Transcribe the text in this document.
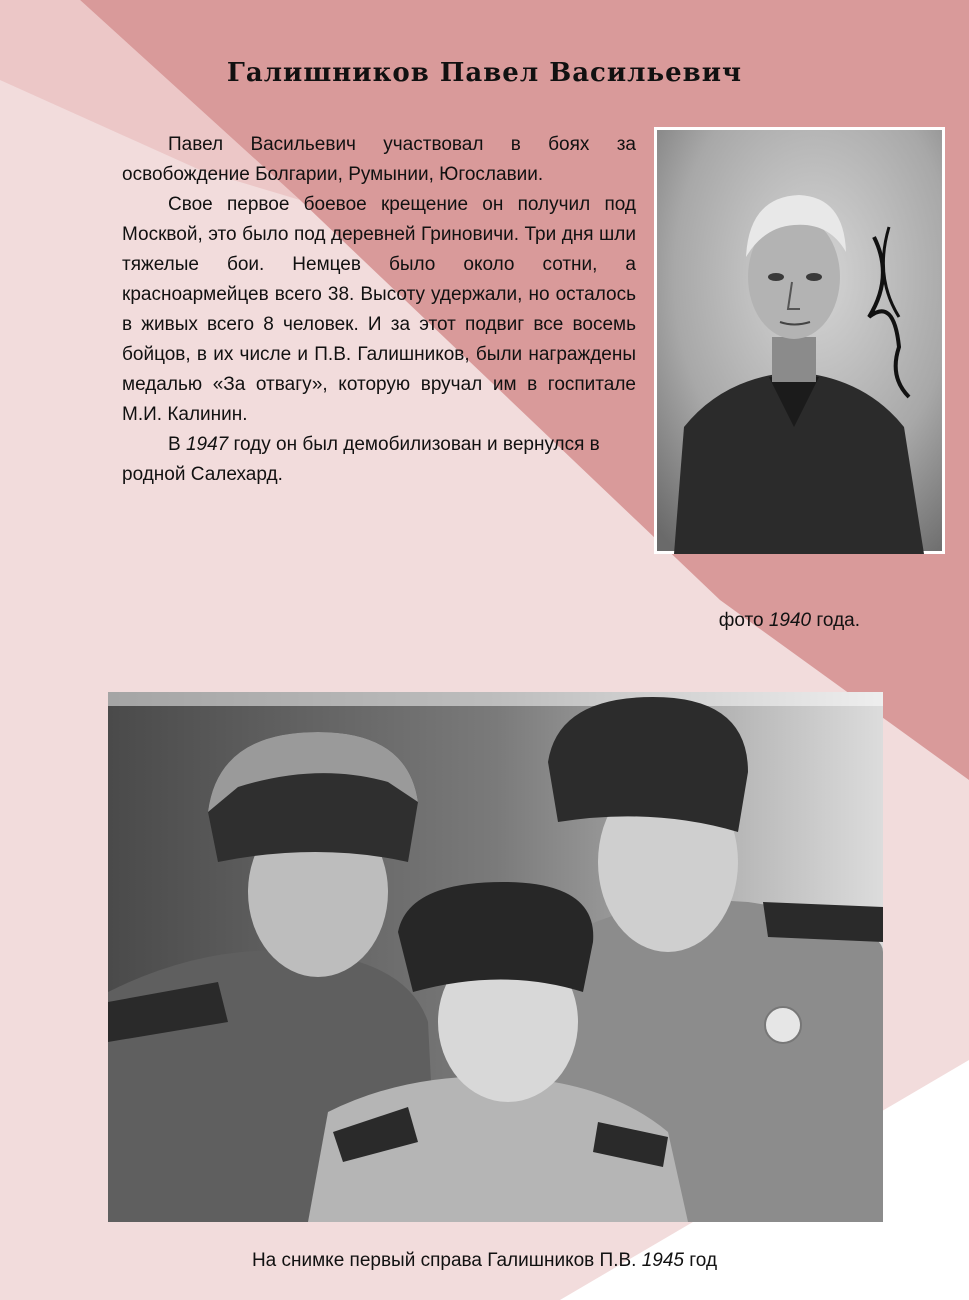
Галишников Павел Васильевич

Павел Васильевич участвовал в боях за освобождение Болгарии, Румынии, Югославии.

Свое первое боевое крещение он получил под Москвой, это было под деревней Гриновичи. Три дня шли тяжелые бои. Немцев было около сотни, а красноармейцев всего 38. Высоту удержали, но осталось в живых всего 8 человек. И за этот подвиг все восемь бойцов, в их числе и П.В. Галишников, были награждены медалью «За отвагу», которую вручал им в госпитале М.И. Калинин.

В 1947 году он был демобилизован и вернулся в родной Салехард.

фото 1940 года.
На снимке первый справа Галишников П.В. 1945 год
